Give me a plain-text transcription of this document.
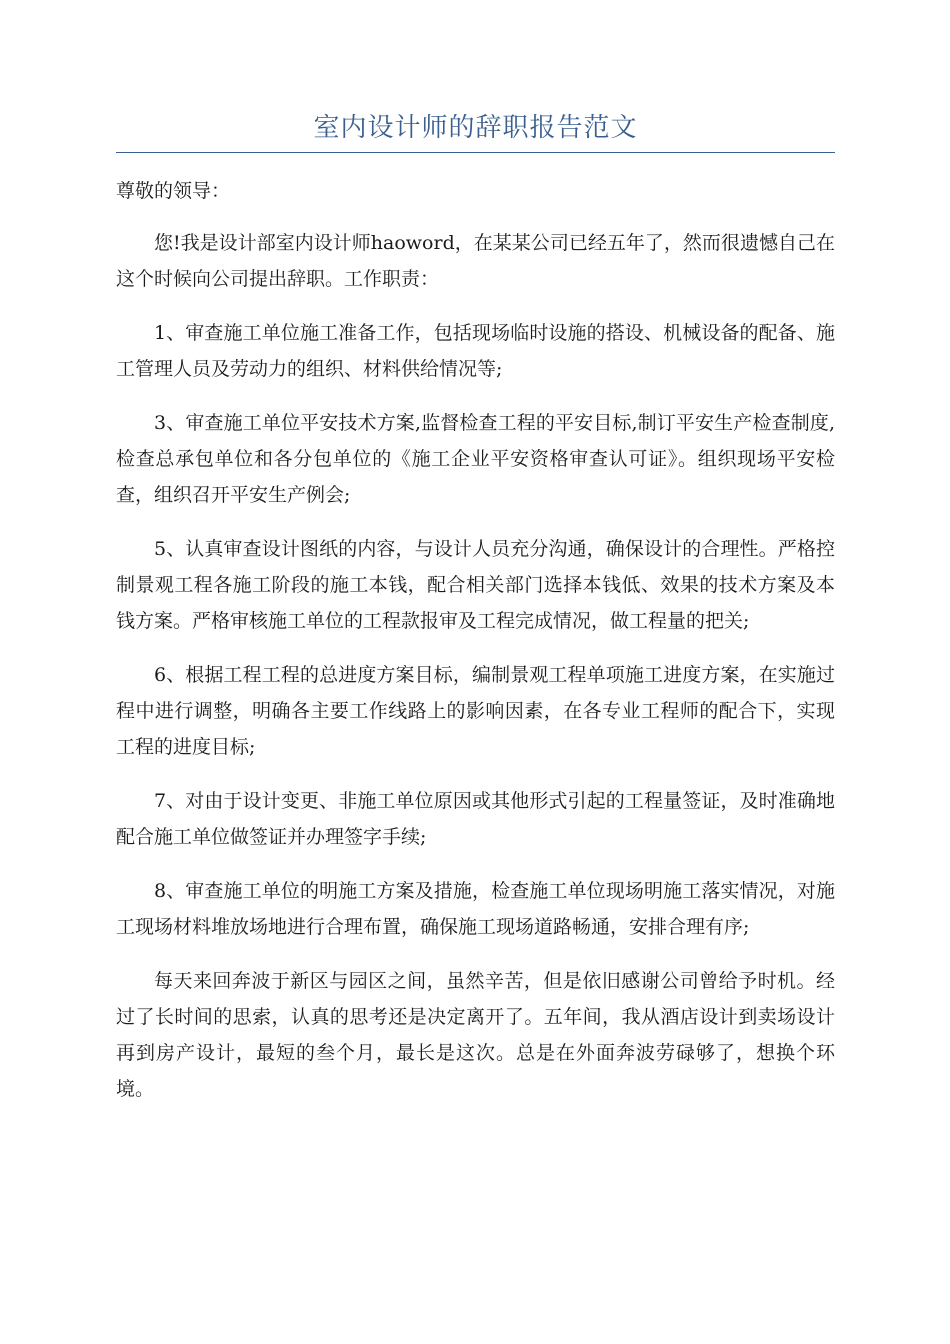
室内设计师的辞职报告范文

尊敬的领导：

您!我是设计部室内设计师haoword，在某某公司已经五年了，然而很遗憾自己在这个时候向公司提出辞职。工作职责：

1、审查施工单位施工准备工作，包括现场临时设施的搭设、机械设备的配备、施工管理人员及劳动力的组织、材料供给情况等;

3、审查施工单位平安技术方案,监督检查工程的平安目标,制订平安生产检查制度,检查总承包单位和各分包单位的《施工企业平安资格审查认可证》。组织现场平安检查，组织召开平安生产例会;

5、认真审查设计图纸的内容，与设计人员充分沟通，确保设计的合理性。严格控制景观工程各施工阶段的施工本钱，配合相关部门选择本钱低、效果的技术方案及本钱方案。严格审核施工单位的工程款报审及工程完成情况，做工程量的把关;

6、根据工程工程的总进度方案目标，编制景观工程单项施工进度方案，在实施过程中进行调整，明确各主要工作线路上的影响因素，在各专业工程师的配合下，实现工程的进度目标;

7、对由于设计变更、非施工单位原因或其他形式引起的工程量签证，及时准确地配合施工单位做签证并办理签字手续;

8、审查施工单位的明施工方案及措施，检查施工单位现场明施工落实情况，对施工现场材料堆放场地进行合理布置，确保施工现场道路畅通，安排合理有序;

每天来回奔波于新区与园区之间，虽然辛苦，但是依旧感谢公司曾给予时机。经过了长时间的思索，认真的思考还是决定离开了。五年间，我从酒店设计到卖场设计再到房产设计，最短的叁个月，最长是这次。总是在外面奔波劳碌够了，想换个环境。
